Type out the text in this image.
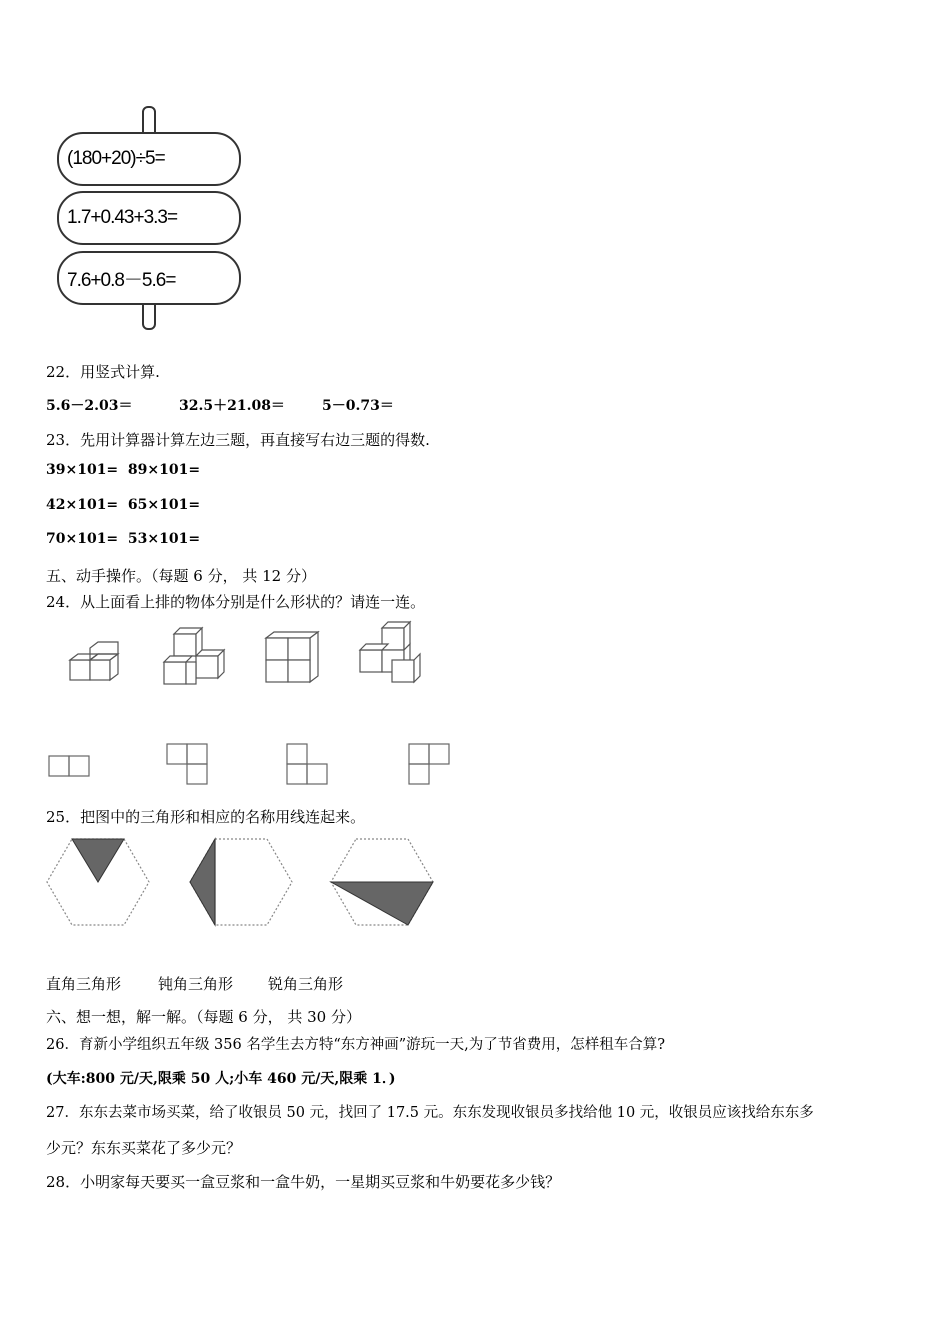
(180+20)÷5=
1.7+0.43+3.3=
7.6+0.8－5.6=
22．用竖式计算.
5.6－2.03＝	32.5＋21.08＝	5－0.73＝
23．先用计算器计算左边三题，再直接写右边三题的得数.
39×101=  89×101=
42×101=  65×101=
70×101=  53×101=
五、动手操作。（每题 6 分， 共 12 分）
24．从上面看上排的物体分别是什么形状的？请连一连。
25．把图中的三角形和相应的名称用线连起来。
直角三角形 钝角三角形 锐角三角形
六、想一想，解一解。（每题 6 分， 共 30 分）
26．育新小学组织五年级 356 名学生去方特“东方神画”游玩一天,为了节省费用，怎样租车合算?
(大车:800 元/天,限乘 50 人;小车 460 元/天,限乘 1．)
27．东东去菜市场买菜，给了收银员 50 元，找回了 17.5 元。东东发现收银员多找给他 10 元，收银员应该找给东东多
少元？东东买菜花了多少元？
28．小明家每天要买一盒豆浆和一盒牛奶，一星期买豆浆和牛奶要花多少钱？
